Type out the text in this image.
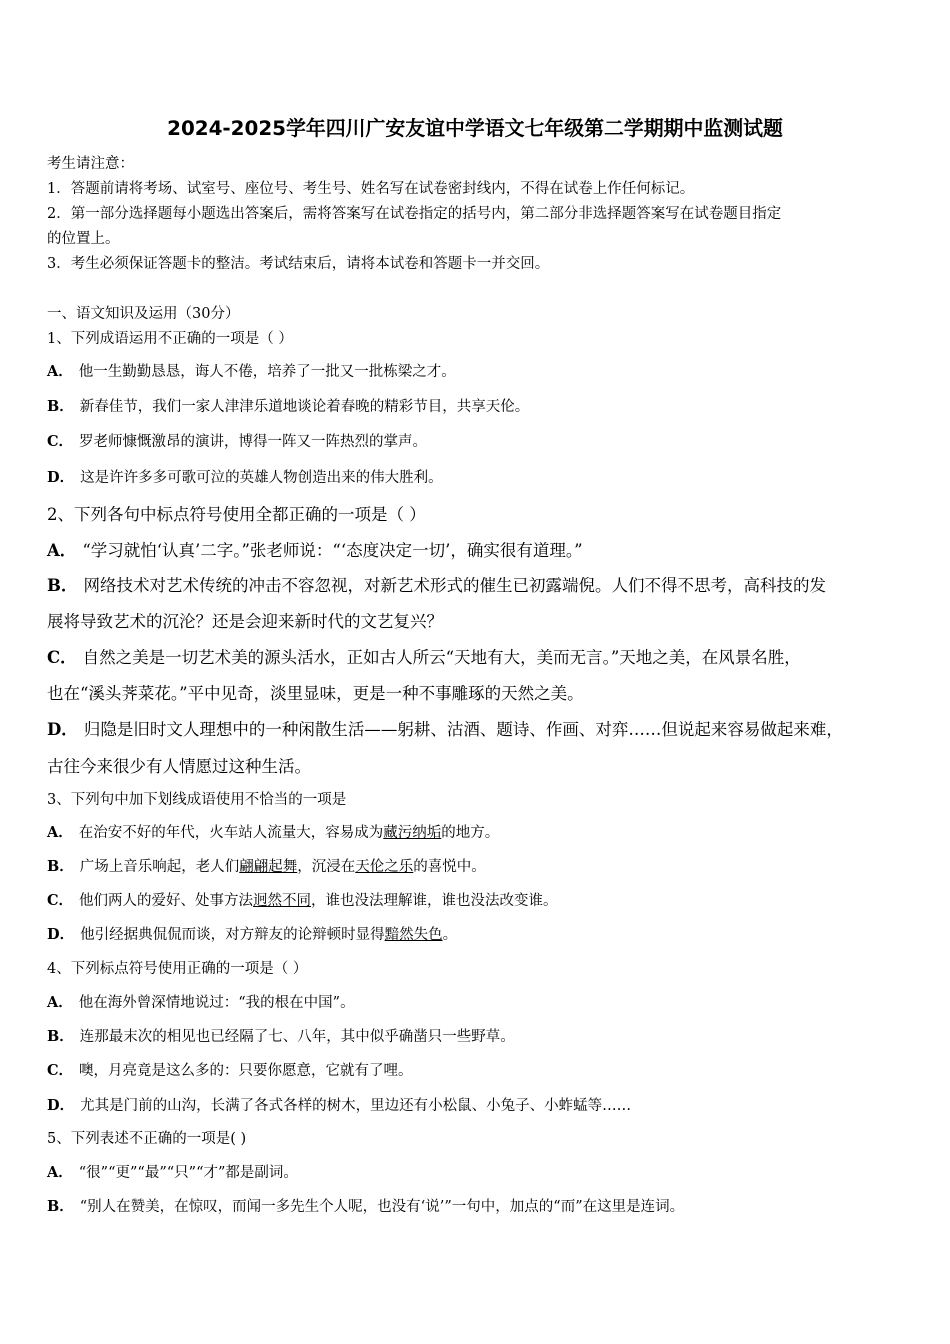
2024-2025学年四川广安友谊中学语文七年级第二学期期中监测试题
考生请注意：
1．答题前请将考场、试室号、座位号、考生号、姓名写在试卷密封线内，不得在试卷上作任何标记。
2．第一部分选择题每小题选出答案后，需将答案写在试卷指定的括号内，第二部分非选择题答案写在试卷题目指定
的位置上。
3．考生必须保证答题卡的整洁。考试结束后，请将本试卷和答题卡一并交回。
一、语文知识及运用（30分）
1、下列成语运用不正确的一项是（ ）
A． 他一生勤勤恳恳，诲人不倦，培养了一批又一批栋梁之才。
B． 新春佳节，我们一家人津津乐道地谈论着春晚的精彩节目，共享天伦。
C． 罗老师慷慨激昂的演讲，博得一阵又一阵热烈的掌声。
D． 这是许许多多可歌可泣的英雄人物创造出来的伟大胜利。
2、下列各句中标点符号使用全都正确的一项是（ ）
A． “学习就怕‘认真’二字。”张老师说：“‘态度决定一切’，确实很有道理。”
B． 网络技术对艺术传统的冲击不容忽视，对新艺术形式的催生已初露端倪。人们不得不思考，高科技的发
展将导致艺术的沉沦？还是会迎来新时代的文艺复兴？
C． 自然之美是一切艺术美的源头活水，正如古人所云“天地有大，美而无言。”天地之美，在风景名胜，
也在“溪头荠菜花。”平中见奇，淡里显味，更是一种不事雕琢的天然之美。
D． 归隐是旧时文人理想中的一种闲散生活——躬耕、沽酒、题诗、作画、对弈……但说起来容易做起来难，
古往今来很少有人情愿过这种生活。
3、下列句中加下划线成语使用不恰当的一项是
A． 在治安不好的年代，火车站人流量大，容易成为藏污纳垢的地方。
B． 广场上音乐响起，老人们翩翩起舞，沉浸在天伦之乐的喜悦中。
C． 他们两人的爱好、处事方法迥然不同，谁也没法理解谁，谁也没法改变谁。
D． 他引经据典侃侃而谈，对方辩友的论辩顿时显得黯然失色。
4、下列标点符号使用正确的一项是（ ）
A． 他在海外曾深情地说过：“我的根在中国”。
B． 连那最末次的相见也已经隔了七、八年，其中似乎确凿只一些野草。
C． 噢，月亮竟是这么多的：只要你愿意，它就有了哩。
D． 尤其是门前的山沟，长满了各式各样的树木，里边还有小松鼠、小兔子、小蚱蜢等……
5、下列表述不正确的一项是( )
A． “很”“更”“最”“只”“才”都是副词。
B． “别人在赞美，在惊叹，而闻一多先生个人呢，也没有‘说’”一句中，加点的“而”在这里是连词。
